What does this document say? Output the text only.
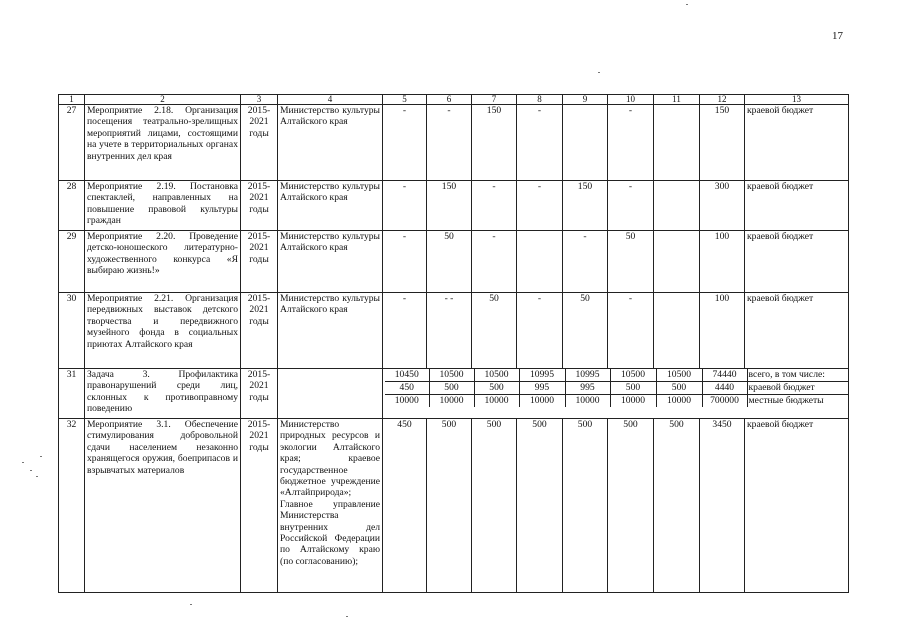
17
1	2	3	4	5	6	7	8	9	10	11	12	13
27	Мероприятие 2.18. Организация посещения театрально-зрелищных мероприятий лицами, состоящими на учете в территориальных органах внутренних дел края	2015-2021 годы	Министерство культуры Алтайского края	-	-	150	-		-		150	краевой бюджет
28	Мероприятие 2.19. Постановка спектаклей, направленных на повышение правовой культуры граждан	2015-2021 годы	Министерство культуры Алтайского края	-	150	-	-	150	-		300	краевой бюджет
29	Мероприятие 2.20. Проведение детско-юношеского литературно-художественного конкурса «Я выбираю жизнь!»	2015-2021 годы	Министерство культуры Алтайского края	-	50	-		-	50		100	краевой бюджет
30	Мероприятие 2.21. Организация передвижных выставок детского творчества и передвижного музейного фонда в социальных приютах Алтайского края	2015-2021 годы	Министерство культуры Алтайского края	-	- -	50	-	50	-		100	краевой бюджет
31	Задача 3. Профилактика правонарушений среди лиц, склонных к противоправному поведению	2015-2021 годы		
10450	10500	10500	10995	10995	10500	10500	74440	всего, в том числе:
450	500	500	995	995	500	500	4440	краевой бюджет
10000	10000	10000	10000	10000	10000	10000	700000	местные бюджеты

32	Мероприятие 3.1. Обеспечение стимулирования добровольной сдачи населением незаконно хранящегося оружия, боеприпасов и взрывчатых материалов	2015-2021 годы	Министерство природных ресурсов и экологии Алтайского края; краевое государственное бюджетное учреждение «Алтайприрода»; Главное управление Министерства внутренних дел Российской Федерации по Алтайскому краю (по согласованию);	450	500	500	500	500	500	500	3450	краевой бюджет
